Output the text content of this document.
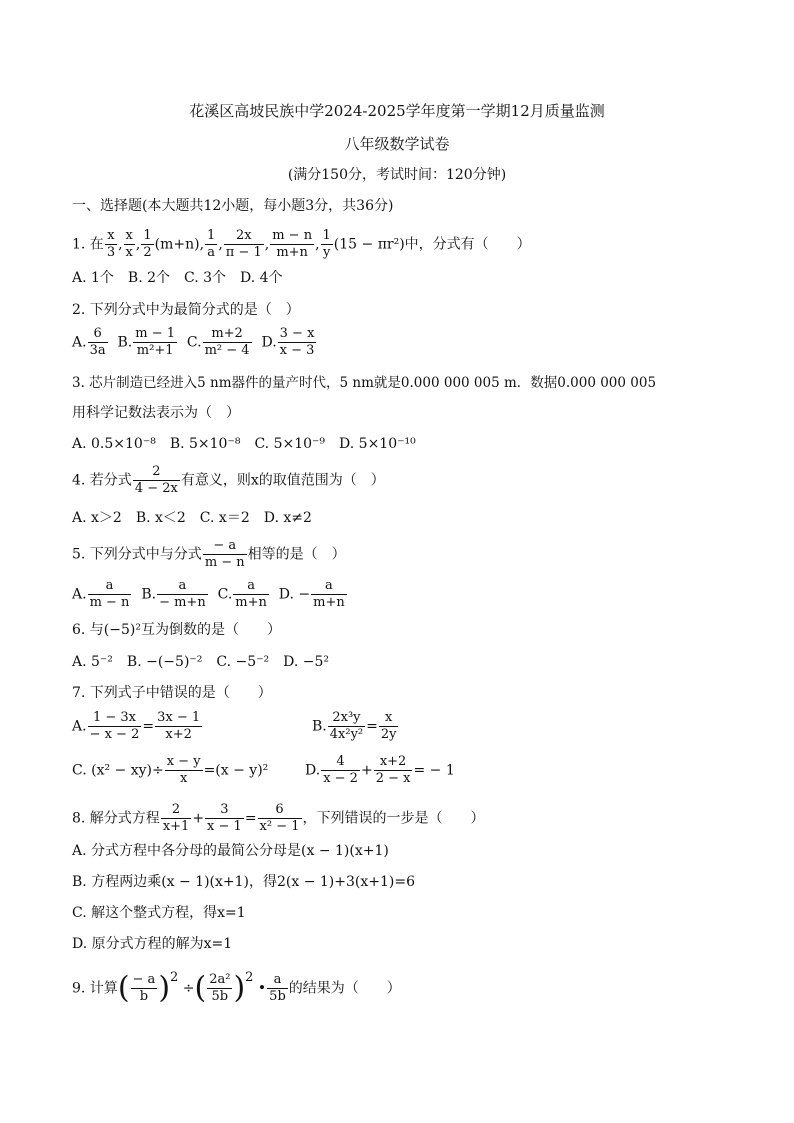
花溪区高坡民族中学2024-2025学年度第一学期12月质量监测
八年级数学试卷
(满分150分，考试时间：120分钟)
一、选择题(本大题共12小题，每小题3分，共36分)
1. 在 $\frac{x}{3}$ , $\frac{x}{x}$ , $\frac{1}{2} (m+n)$, $\frac{1}{a}$ , $\frac{2x}{\pi - 1}$ , $\frac{m - n}{m+n}$ , $\frac{1}{y} (15 - \pi r^2)$中，分式有（　　）
A. 1个　B. 2个　C. 3个　D. 4个
2. 下列分式中为最简分式的是（　）
A. $\frac{6}{3a} B$. $\frac{m - 1}{\text{m²+1}} C$. $\frac{m+2}{\text{m² − 4}} D$. $\frac{3 - x}{x - 3}$
3. 芯片制造已经进入5 nm器件的量产时代，5 nm就是0.000 000 005 m．数据0.000 000 005
用科学记数法表示为（　）
A. 0.5×10⁻⁸　B. 5×10⁻⁸　C. 5×10⁻⁹　D. 5×10⁻¹⁰
4. 若分式 $\frac{2}{4 - 2x}$ 有意义，则x的取值范围为（　）
A. x＞2　B. x＜2　C. x＝2　D. x≠2
5. 下列分式中与分式 $\frac{- a}{m - n}$ 相等的是（　）
A. $\frac{a}{m - n} B$. $\frac{a}{- m+n} C$. $\frac{a}{m+n} D$. − $\frac{a}{m+n}$
6. 与(−5)²互为倒数的是（　　）
A. 5⁻²　B. −(−5)⁻²　C. −5⁻²　D. −5²
7. 下列式子中错误的是（　　）
A. $\frac{1 - 3x}{- x - 2} = \frac{3x - 1}{x+2}$	B. $\frac{\text{2x³y}}{\text{4x²y²}} = \frac{x}{2y}$
C. $(x^2 - xy)\div \frac{x - y}{x} =(x - y)^2$	D. $\frac{4}{x - 2} + \frac{x+2}{2 - x}$ = − 1
8. 解分式方程 $\frac{2}{x+1} + \frac{3}{x - 1} = \frac{6}{\text{x² − 1}}$ ，下列错误的一步是（　　）
A. 分式方程中各分母的最简公分母是(x − 1)(x+1)
B. 方程两边乘(x − 1)(x+1)，得2(x − 1)+3(x+1)=6
C. 解这个整式方程，得x=1
D. 原分式方程的解为x=1
9. 计算( $\frac{- a}{b} )2$ ÷( $\frac{\text{2a²}}{5b} )2$ • $\frac{a}{5b}$ 的结果为（　　）
